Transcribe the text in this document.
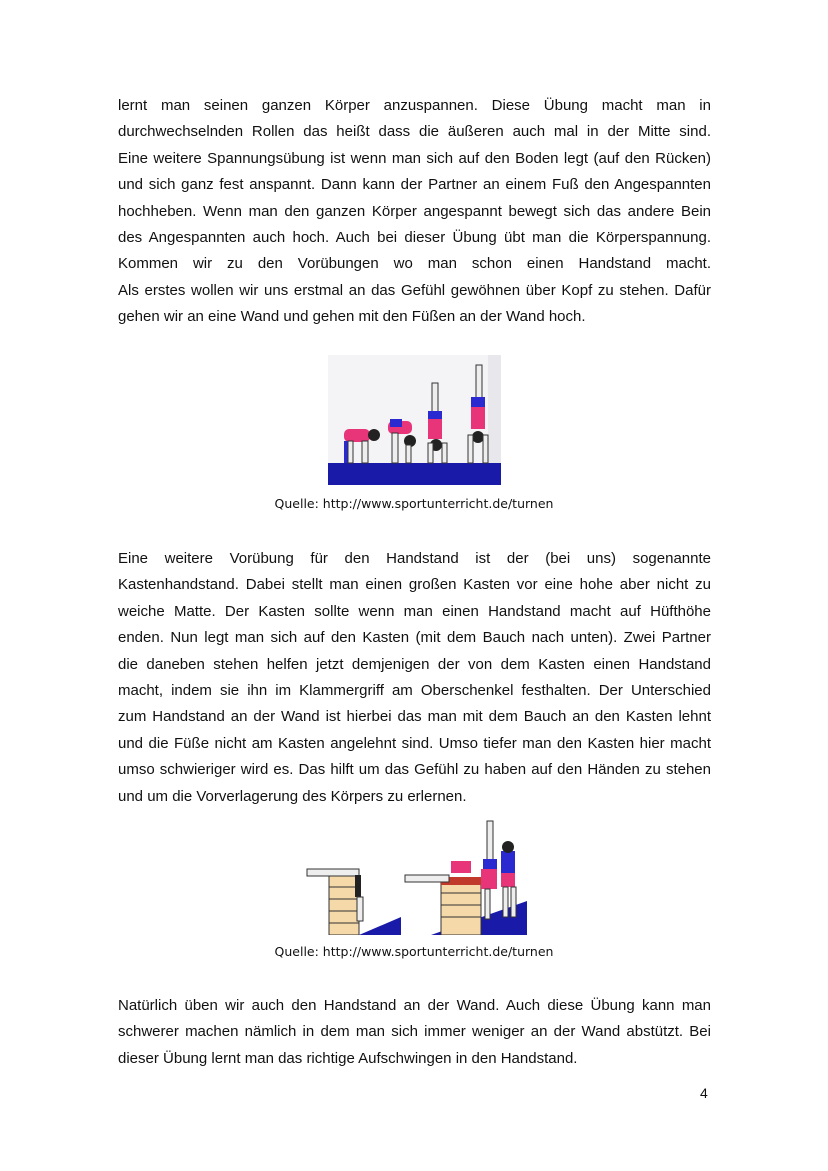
lernt man seinen ganzen Körper anzuspannen. Diese Übung macht man in
durchwechselnden Rollen das heißt dass die äußeren auch mal in der Mitte sind.
Eine weitere Spannungsübung ist wenn man sich auf den Boden legt (auf den Rücken)
und sich ganz fest anspannt. Dann kann der Partner an einem Fuß den Angespannten
hochheben. Wenn man den ganzen Körper angespannt bewegt sich das andere Bein
des Angespannten auch hoch. Auch bei dieser Übung übt man die Körperspannung.
Kommen wir zu den Vorübungen wo man schon einen Handstand macht.
Als erstes wollen wir uns erstmal an das Gefühl gewöhnen über Kopf zu stehen. Dafür
gehen wir an eine Wand und gehen mit den Füßen an der Wand hoch.

Quelle: http://www.sportunterricht.de/turnen

Eine weitere Vorübung für den Handstand ist der (bei uns) sogenannte
Kastenhandstand. Dabei stellt man einen großen Kasten vor eine hohe aber nicht zu
weiche Matte. Der Kasten sollte wenn man einen Handstand macht auf Hüfthöhe
enden. Nun legt man sich auf den Kasten (mit dem Bauch nach unten). Zwei Partner
die daneben stehen helfen jetzt demjenigen der von dem Kasten einen Handstand
macht, indem sie ihn im Klammergriff am Oberschenkel festhalten. Der Unterschied
zum Handstand an der Wand ist hierbei das man mit dem Bauch an den Kasten lehnt
und die Füße nicht am Kasten angelehnt sind. Umso tiefer man den Kasten hier macht
umso schwieriger wird es. Das hilft um das Gefühl zu haben auf den Händen zu stehen
und um die Vorverlagerung des Körpers zu erlernen.

Quelle: http://www.sportunterricht.de/turnen

Natürlich üben wir auch den Handstand an der Wand. Auch diese Übung kann man
schwerer machen nämlich in dem man sich immer weniger an der Wand abstützt. Bei
dieser Übung lernt man das richtige Aufschwingen in den Handstand.

4
